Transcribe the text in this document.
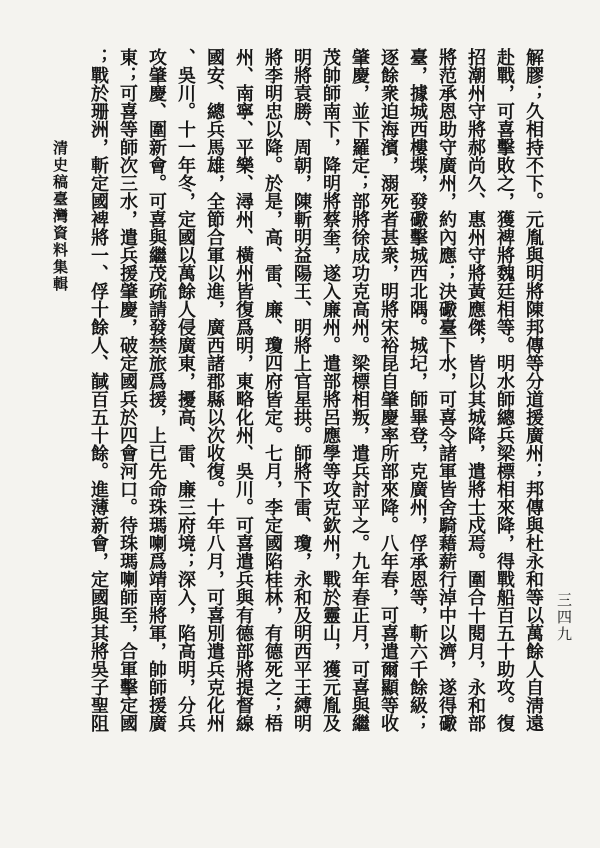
清史稿臺灣資料集輯	解膠；久相持不下。元胤與明將陳邦傳等分道援廣州；邦傳與杜永和等以萬餘人自淸遠
赴戰，可喜擊敗之，獲裨將魏廷相等。明水師總兵梁標相來降，得戰船百五十助攻。復
招潮州守將郝尚久、惠州守將黃應傑，皆以其城降，遣將士戍焉。圍合十閱月，永和部
將范承恩助守廣州，約內應；決礮臺下水，可喜令諸軍皆舍騎藉薪行淖中以濟，遂得礮
臺，據城西樓堞，發礮擊城西北隅。城圮，師畢登，克廣州，俘承恩等，斬六千餘級；
逐餘衆迫海濱，溺死者甚衆，明將宋裕昆自肇慶率所部來降。八年春，可喜遣爾顯等收
肇慶，並下羅定；部將徐成功克高州。梁標相叛，遣兵討平之。九年春正月，可喜與繼
茂帥師南下，降明將蔡奎，遂入廉州。遣部將呂應學等攻克欽州，戰於靈山，獲元胤及
明將袁勝、周朝，陳斬明益陽王、明將上官星拱。師將下雷、瓊，永和及明西平王縛明
將李明忠以降。於是，高、雷、廉、瓊四府皆定。七月，李定國陷桂林，有德死之；梧
州、南寧、平樂、潯州、橫州皆復爲明，東略化州、吳川。可喜遣兵與有德部將提督線
國安、總兵馬雄，全節合軍以進，廣西諸郡縣以次收復。十年八月，可喜別遣兵克化州
、吳川。十一年冬，定國以萬餘人侵廣東，擾高、雷、廉三府境；深入，陷高明，分兵
攻肇慶、圍新會。可喜與繼茂疏請發禁旅爲援，上已先命珠瑪喇爲靖南將軍，帥師援廣
東；可喜等師次三水，遣兵援肇慶，破定國兵於四會河口。待珠瑪喇師至，合軍擊定國
；戰於珊洲，斬定國裨將一、俘十餘人、馘百五十餘。進薄新會，定國與其將吳子聖阻	三四九
